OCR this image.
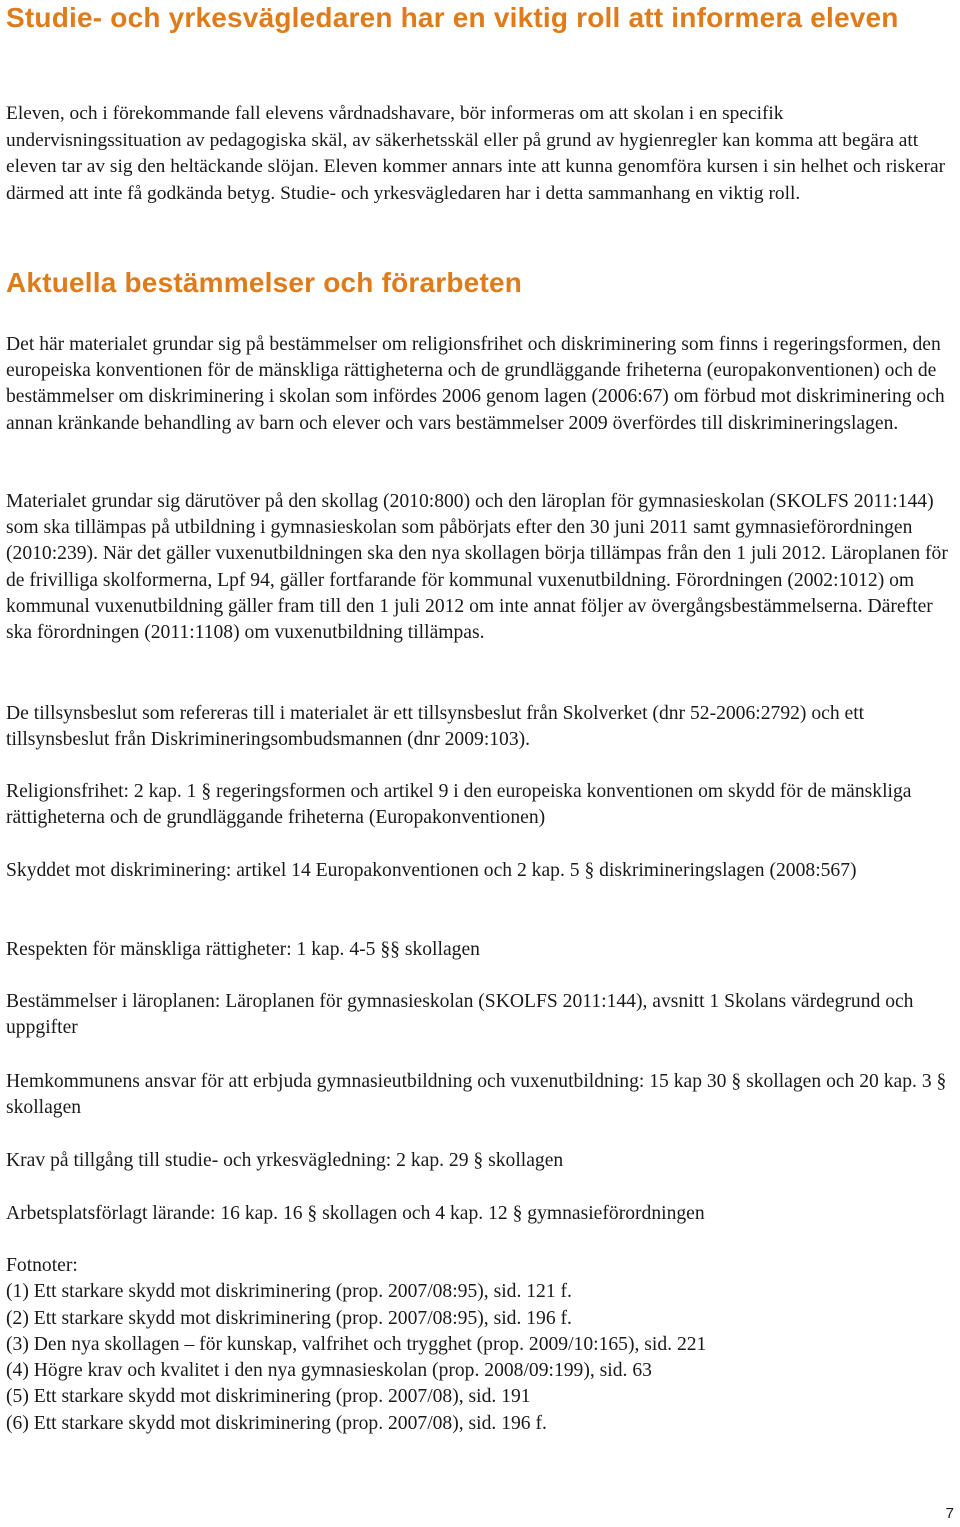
Studie- och yrkesvägledaren har en viktig roll att informera eleven

Eleven, och i förekommande fall elevens vårdnadshavare, bör informeras om att skolan i en specifik undervisningssituation av pedagogiska skäl, av säkerhetsskäl eller på grund av hygienregler kan komma att begära att eleven tar av sig den heltäckande slöjan. Eleven kommer annars inte att kunna genomföra kursen i sin helhet och riskerar därmed att inte få godkända betyg. Studie- och yrkesvägledaren har i detta sammanhang en viktig roll.

Aktuella bestämmelser och förarbeten

Det här materialet grundar sig på bestämmelser om religionsfrihet och diskriminering som finns i regeringsformen, den europeiska konventionen för de mänskliga rättigheterna och de grundläggande friheterna (europakonventionen) och de bestämmelser om diskriminering i skolan som infördes 2006 genom lagen (2006:67) om förbud mot diskriminering och annan kränkande behandling av barn och elever och vars bestämmelser 2009 överfördes till diskrimineringslagen.

Materialet grundar sig därutöver på den skollag (2010:800) och den läroplan för gymnasieskolan (SKOLFS 2011:144) som ska tillämpas på utbildning i gymnasieskolan som påbörjats efter den 30 juni 2011 samt gymnasieförordningen (2010:239). När det gäller vuxenutbildningen ska den nya skollagen börja tillämpas från den 1 juli 2012. Läroplanen för de frivilliga skolformerna, Lpf 94, gäller fortfarande för kommunal vuxenutbildning. Förordningen (2002:1012) om kommunal vuxenutbildning gäller fram till den 1 juli 2012 om inte annat följer av övergångsbestämmelserna. Därefter ska förordningen (2011:1108) om vuxenutbildning tillämpas.

De tillsynsbeslut som refereras till i materialet är ett tillsynsbeslut från Skolverket (dnr 52-2006:2792) och ett tillsynsbeslut från Diskrimineringsombudsmannen (dnr 2009:103).

Religionsfrihet: 2 kap. 1 § regeringsformen och artikel 9 i den europeiska konventionen om skydd för de mänskliga rättigheterna och de grundläggande friheterna (Europakonventionen)

Skyddet mot diskriminering: artikel 14 Europakonventionen och 2 kap. 5 § diskrimineringslagen (2008:567)

Respekten för mänskliga rättigheter: 1 kap. 4-5 §§ skollagen

Bestämmelser i läroplanen: Läroplanen för gymnasieskolan (SKOLFS 2011:144), avsnitt 1 Skolans värdegrund och uppgifter

Hemkommunens ansvar för att erbjuda gymnasieutbildning och vuxenutbildning: 15 kap 30 § skollagen och 20 kap. 3 § skollagen

Krav på tillgång till studie- och yrkesvägledning: 2 kap. 29 § skollagen

Arbetsplatsförlagt lärande: 16 kap. 16 § skollagen och 4 kap. 12 § gymnasieförordningen

Fotnoter:
(1) Ett starkare skydd mot diskriminering (prop. 2007/08:95), sid. 121 f.
(2) Ett starkare skydd mot diskriminering (prop. 2007/08:95), sid. 196 f.
(3) Den nya skollagen – för kunskap, valfrihet och trygghet (prop. 2009/10:165), sid. 221
(4) Högre krav och kvalitet i den nya gymnasieskolan (prop. 2008/09:199), sid. 63
(5) Ett starkare skydd mot diskriminering (prop. 2007/08), sid. 191
(6) Ett starkare skydd mot diskriminering (prop. 2007/08), sid. 196 f.
7
